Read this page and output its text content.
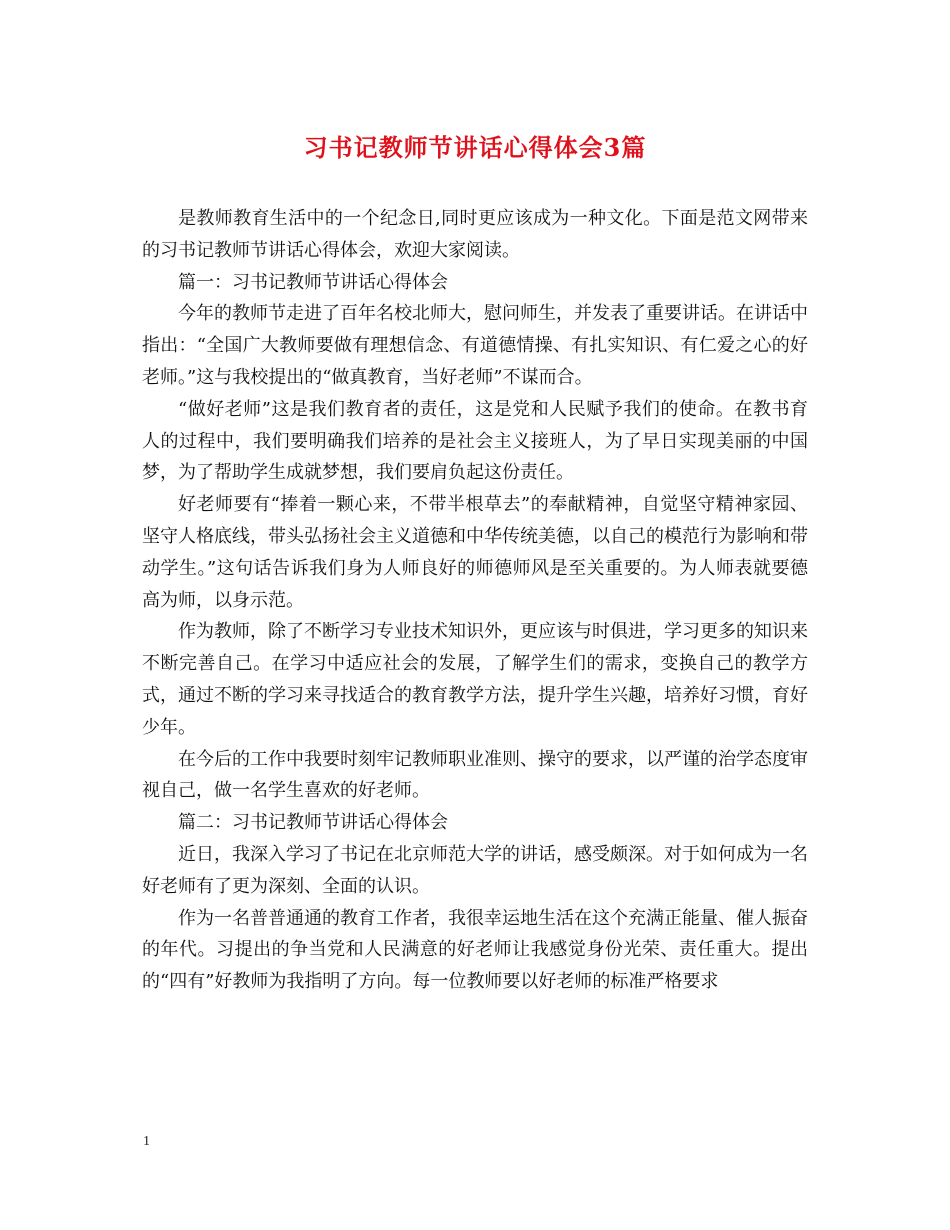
习书记教师节讲话心得体会3篇

是教师教育生活中的一个纪念日,同时更应该成为一种文化。下面是范文网带来的习书记教师节讲话心得体会，欢迎大家阅读。

篇一：习书记教师节讲话心得体会

今年的教师节走进了百年名校北师大，慰问师生，并发表了重要讲话。在讲话中指出：“全国广大教师要做有理想信念、有道德情操、有扎实知识、有仁爱之心的好老师。”这与我校提出的“做真教育，当好老师”不谋而合。

“做好老师”这是我们教育者的责任，这是党和人民赋予我们的使命。在教书育人的过程中，我们要明确我们培养的是社会主义接班人，为了早日实现美丽的中国梦，为了帮助学生成就梦想，我们要肩负起这份责任。

好老师要有“捧着一颗心来，不带半根草去”的奉献精神，自觉坚守精神家园、坚守人格底线，带头弘扬社会主义道德和中华传统美德，以自己的模范行为影响和带动学生。”这句话告诉我们身为人师良好的师德师风是至关重要的。为人师表就要德高为师，以身示范。

作为教师，除了不断学习专业技术知识外，更应该与时俱进，学习更多的知识来不断完善自己。在学习中适应社会的发展，了解学生们的需求，变换自己的教学方式，通过不断的学习来寻找适合的教育教学方法，提升学生兴趣，培养好习惯，育好少年。

在今后的工作中我要时刻牢记教师职业准则、操守的要求，以严谨的治学态度审视自己，做一名学生喜欢的好老师。

篇二：习书记教师节讲话心得体会

近日，我深入学习了书记在北京师范大学的讲话，感受颇深。对于如何成为一名好老师有了更为深刻、全面的认识。

作为一名普普通通的教育工作者，我很幸运地生活在这个充满正能量、催人振奋的年代。习提出的争当党和人民满意的好老师让我感觉身份光荣、责任重大。提出的“四有”好教师为我指明了方向。每一位教师要以好老师的标准严格要求

1
